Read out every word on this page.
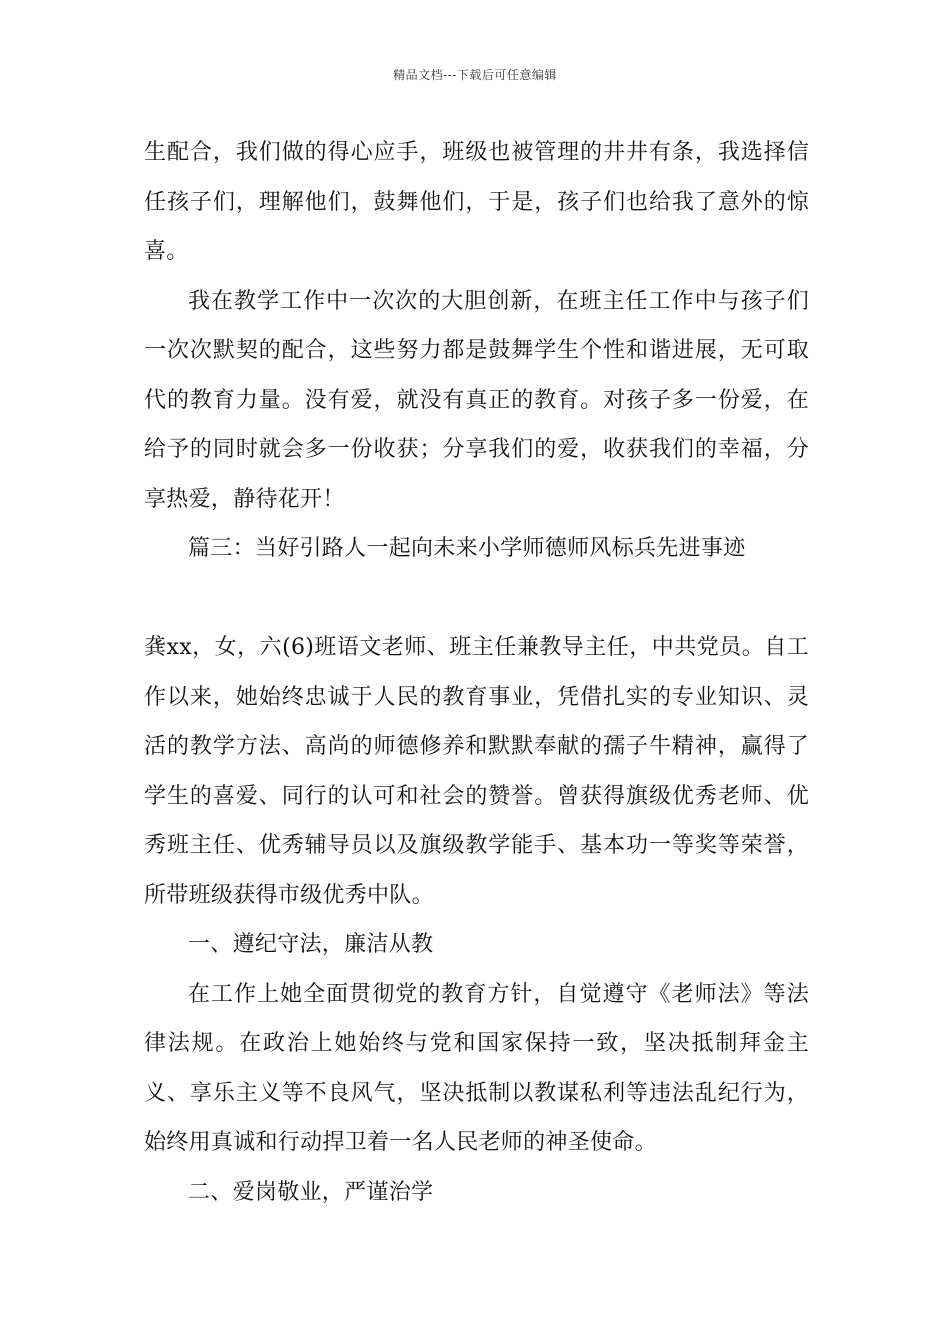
精品文档---下载后可任意编辑

生配合，我们做的得心应手，班级也被管理的井井有条，我选择信任孩子们，理解他们，鼓舞他们，于是，孩子们也给我了意外的惊喜。

我在教学工作中一次次的大胆创新，在班主任工作中与孩子们一次次默契的配合，这些努力都是鼓舞学生个性和谐进展，无可取代的教育力量。没有爱，就没有真正的教育。对孩子多一份爱，在给予的同时就会多一份收获；分享我们的爱，收获我们的幸福，分享热爱，静待花开！

篇三：当好引路人一起向未来小学师德师风标兵先进事迹

龚xx，女，六(6)班语文老师、班主任兼教导主任，中共党员。自工作以来，她始终忠诚于人民的教育事业，凭借扎实的专业知识、灵活的教学方法、高尚的师德修养和默默奉献的孺子牛精神，赢得了学生的喜爱、同行的认可和社会的赞誉。曾获得旗级优秀老师、优秀班主任、优秀辅导员以及旗级教学能手、基本功一等奖等荣誉，所带班级获得市级优秀中队。

一、遵纪守法，廉洁从教

在工作上她全面贯彻党的教育方针，自觉遵守《老师法》等法律法规。在政治上她始终与党和国家保持一致，坚决抵制拜金主义、享乐主义等不良风气，坚决抵制以教谋私利等违法乱纪行为，始终用真诚和行动捍卫着一名人民老师的神圣使命。

二、爱岗敬业，严谨治学
